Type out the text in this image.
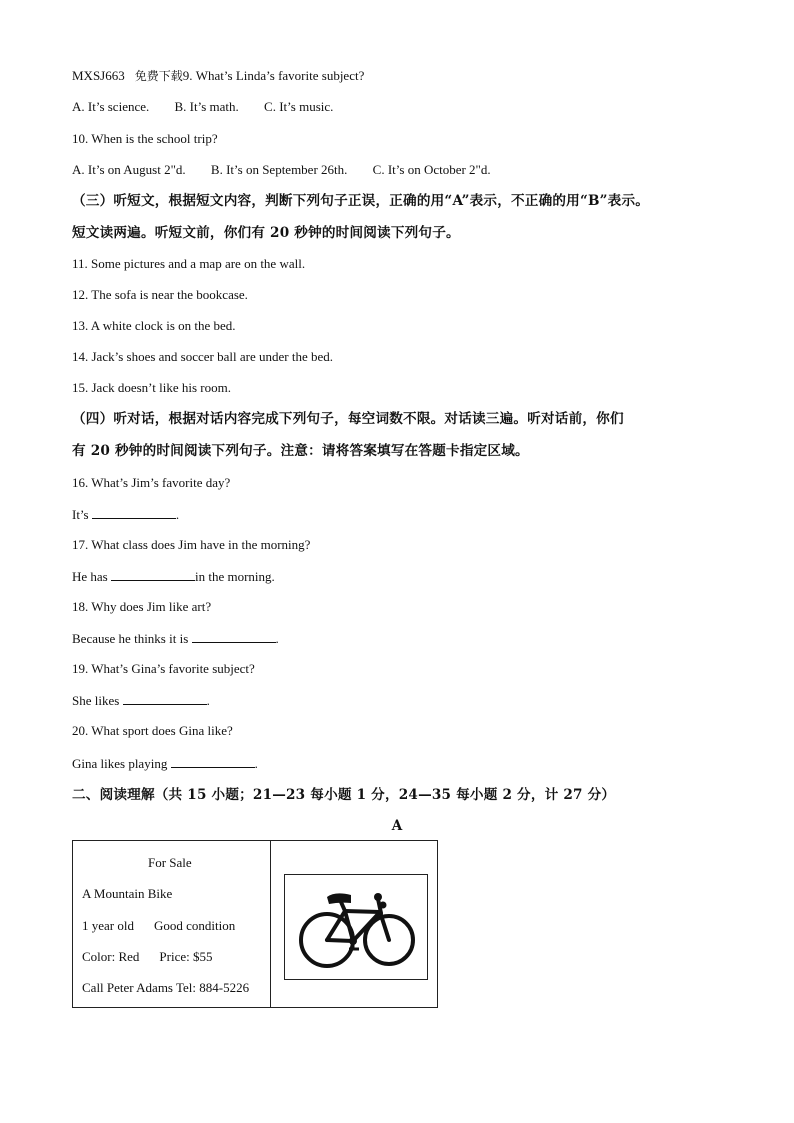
MXSJ663 免费下载9. What’s Linda’s favorite subject?
A. It’s science. B. It’s math. C. It’s music.
10. When is the school trip?
A. It’s on August 2"d. B. It’s on September 26th. C. It’s on October 2"d.
（三）听短文，根据短文内容，判断下列句子正误，正确的用“A”表示，不正确的用“B”表示。
短文读两遍。听短文前，你们有 20 秒钟的时间阅读下列句子。
11. Some pictures and a map are on the wall.
12. The sofa is near the bookcase.
13. A white clock is on the bed.
14. Jack’s shoes and soccer ball are under the bed.
15. Jack doesn’t like his room.
（四）听对话，根据对话内容完成下列句子，每空词数不限。对话读三遍。听对话前，你们
有 20 秒钟的时间阅读下列句子。注意：请将答案填写在答题卡指定区域。
16. What’s Jim’s favorite day?
It’s	.
17. What class does Jim have in the morning?
He has	in the morning.
18. Why does Jim like art?
Because he thinks it is	.
19. What’s Gina’s favorite subject?
She likes	.
20. What sport does Gina like?
Gina likes playing	.
二、阅读理解（共 15 小题；21—23 每小题 1 分，24—35 每小题 2 分，计 27 分）
A
For Sale
A Mountain Bike
1 year old Good condition
Color: Red Price: $55
Call Peter Adams Tel: 884-5226
